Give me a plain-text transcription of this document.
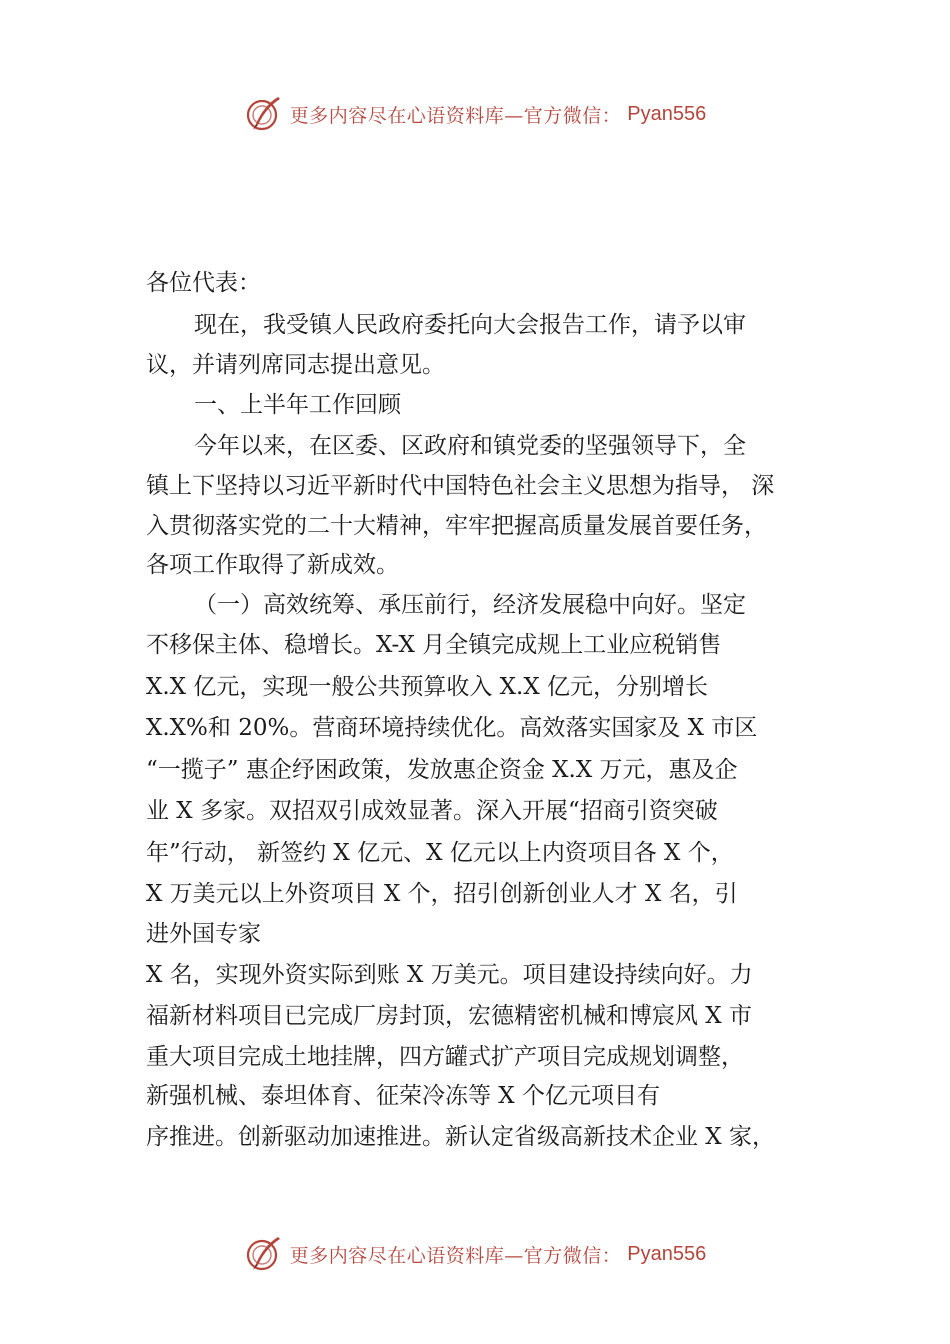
更多内容尽在心语资料库—官方微信： Pyan556
各位代表：
现在，我受镇人民政府委托向大会报告工作，请予以审
议，并请列席同志提出意见。
一、上半年工作回顾
今年以来，在区委、区政府和镇党委的坚强领导下，全
镇上下坚持以习近平新时代中国特色社会主义思想为指导， 深
入贯彻落实党的二十大精神，牢牢把握高质量发展首要任务，
各项工作取得了新成效。
（一）高效统筹、承压前行，经济发展稳中向好。坚定
不移保主体、稳增长。X-X 月全镇完成规上工业应税销售
X.X 亿元，实现一般公共预算收入 X.X 亿元，分别增长
X.X%和 20%。营商环境持续优化。高效落实国家及 X 市区
“一揽子” 惠企纾困政策，发放惠企资金 X.X 万元，惠及企
业 X 多家。双招双引成效显著。深入开展“招商引资突破
年”行动， 新签约 X 亿元、X 亿元以上内资项目各 X 个，
X 万美元以上外资项目 X 个，招引创新创业人才 X 名，引
进外国专家
X 名，实现外资实际到账 X 万美元。项目建设持续向好。力
福新材料项目已完成厂房封顶，宏德精密机械和博宸风 X 市
重大项目完成土地挂牌，四方罐式扩产项目完成规划调整，
新强机械、泰坦体育、征荣冷冻等 X 个亿元项目有
序推进。创新驱动加速推进。新认定省级高新技术企业 X 家，
更多内容尽在心语资料库—官方微信： Pyan556
